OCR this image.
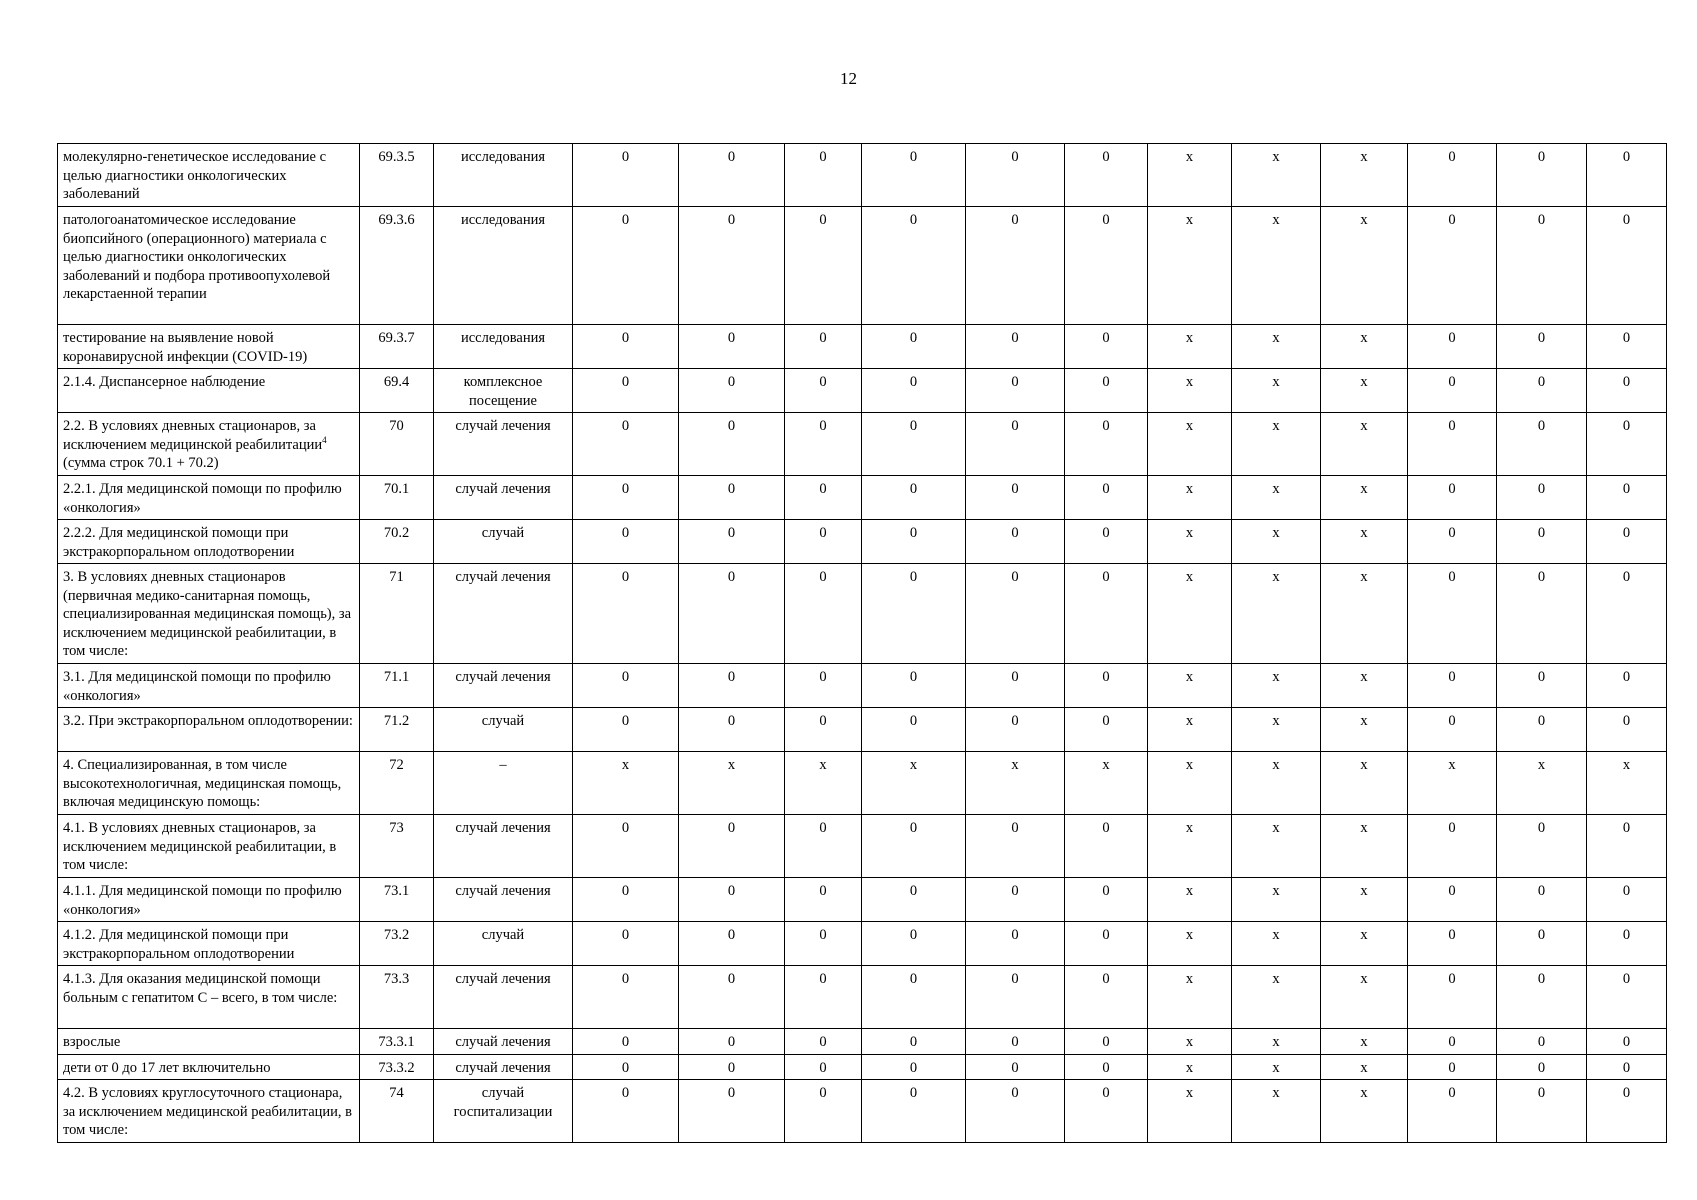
12
молекулярно-генетическое исследование с целью диагностики онкологических заболеваний	69.3.5	исследования	0	0	0	0	0	0	х	х	х	0	0	0
патологоанатомическое исследование биопсийного (операционного) материала с целью диагностики онкологических заболеваний и подбора противоопухолевой лекарстаенной терапии	69.3.6	исследования	0	0	0	0	0	0	х	х	х	0	0	0
тестирование на выявление новой коронавирусной инфекции (COVID-19)	69.3.7	исследования	0	0	0	0	0	0	х	х	х	0	0	0
2.1.4. Диспансерное наблюдение	69.4	комплексное посещение	0	0	0	0	0	0	х	х	х	0	0	0
2.2. В условиях дневных стационаров, за исключением медицинской реабилитации$^4$ (сумма строк 70.1 + 70.2)	70	случай лечения	0	0	0	0	0	0	х	х	х	0	0	0
2.2.1. Для медицинской помощи по профилю «онкология»	70.1	случай лечения	0	0	0	0	0	0	х	х	х	0	0	0
2.2.2. Для медицинской помощи при экстракорпоральном оплодотворении	70.2	случай	0	0	0	0	0	0	х	х	х	0	0	0
3. В условиях дневных стационаров (первичная медико-санитарная помощь, специализированная медицинская помощь), за исключением медицинской реабилитации, в том числе:	71	случай лечения	0	0	0	0	0	0	х	х	х	0	0	0
3.1. Для медицинской помощи по профилю «онкология»	71.1	случай лечения	0	0	0	0	0	0	х	х	х	0	0	0
3.2. При экстракорпоральном оплодотворении:	71.2	случай	0	0	0	0	0	0	х	х	х	0	0	0
4. Специализированная, в том числе высокотехнологичная, медицинская помощь, включая медицинскую помощь:	72	–	х	х	х	х	х	х	х	х	х	х	х	х
4.1. В условиях дневных стационаров, за исключением медицинской реабилитации, в том числе:	73	случай лечения	0	0	0	0	0	0	х	х	х	0	0	0
4.1.1. Для медицинской помощи по профилю «онкология»	73.1	случай лечения	0	0	0	0	0	0	х	х	х	0	0	0
4.1.2. Для медицинской помощи при экстракорпоральном оплодотворении	73.2	случай	0	0	0	0	0	0	х	х	х	0	0	0
4.1.3. Для оказания медицинской помощи больным с гепатитом С – всего, в том числе:	73.3	случай лечения	0	0	0	0	0	0	х	х	х	0	0	0
взрослые	73.3.1	случай лечения	0	0	0	0	0	0	х	х	х	0	0	0
дети от 0 до 17 лет включительно	73.3.2	случай лечения	0	0	0	0	0	0	х	х	х	0	0	0
4.2. В условиях круглосуточного стационара, за исключением медицинской реабилитации, в том числе:	74	случай госпитализации	0	0	0	0	0	0	х	х	х	0	0	0
